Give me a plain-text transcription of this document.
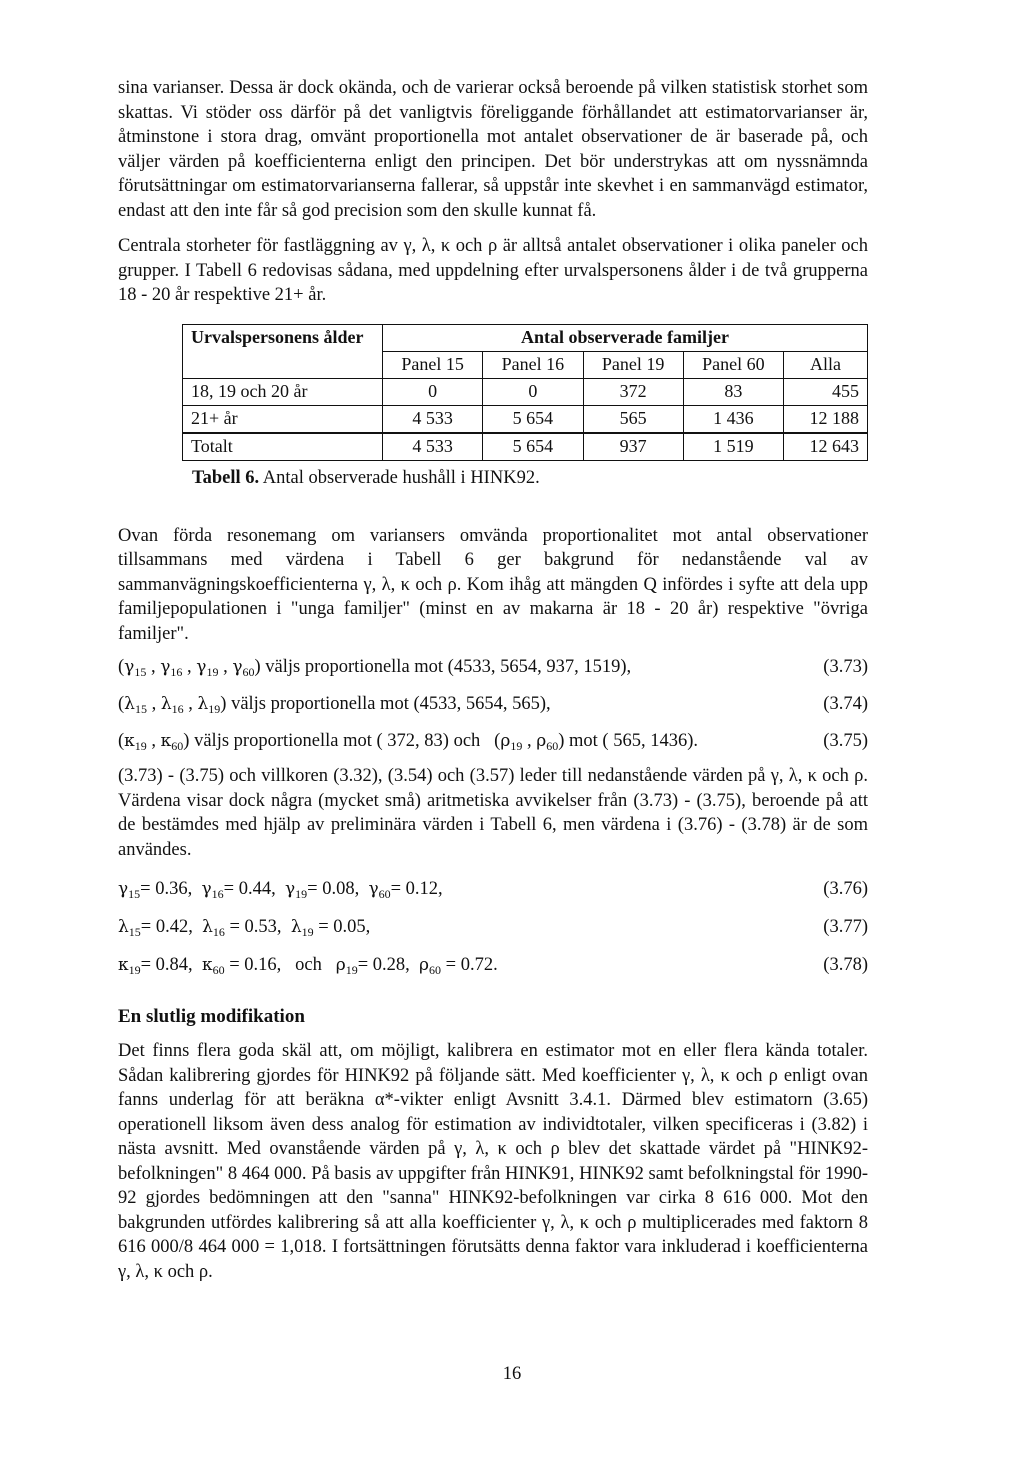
sina varianser. Dessa är dock okända, och de varierar också beroende på vilken statistisk storhet som skattas. Vi stöder oss därför på det vanligtvis föreliggande förhållandet att estimatorvarianser är, åtminstone i stora drag, omvänt proportionella mot antalet observationer de är baserade på, och väljer värden på koefficienterna enligt den principen. Det bör understrykas att om nyssnämnda förutsättningar om estimatorvarianserna fallerar, så uppstår inte skevhet i en sammanvägd estimator, endast att den inte får så god precision som den skulle kunnat få.

Centrala storheter för fastläggning av γ, λ, κ och ρ är alltså antalet observationer i olika paneler och grupper. I Tabell 6 redovisas sådana, med uppdelning efter urvalspersonens ålder i de två grupperna 18 - 20 år respektive 21+ år.

Urvalspersonens ålder	Antal observerade familjer				
	Panel 15	Panel 16	Panel 19	Panel 60	Alla
18, 19 och 20 år	0	0	372	83	455
21+ år	4 533	5 654	565	1 436	12 188
Totalt	4 533	5 654	937	1 519	12 643
Tabell 6. Antal observerade hushåll i HINK92.

Ovan förda resonemang om variansers omvända proportionalitet mot antal observationer tillsammans med värdena i Tabell 6 ger bakgrund för nedanstående val av sammanvägningskoefficienterna γ, λ, κ och ρ. Kom ihåg att mängden Q infördes i syfte att dela upp familjepopulationen i "unga familjer" (minst en av makarna är 18 - 20 år) respektive "övriga familjer".

($\gamma_{15}$ , $\gamma_{16}$ , $\gamma_{19}$ , $\gamma_{60}$) väljs proportionella mot (4533, 5654, 937, 1519),	(3.73)
($\lambda_{15}$ , $\lambda_{16}$ , $\lambda_{19}$) väljs proportionella mot (4533, 5654, 565),	(3.74)
($\kappa_{19}$ , $\kappa_{60}$) väljs proportionella mot ( 372, 83) och   ($\rho_{19}$ , $\rho_{60}$) mot ( 565, 1436).	(3.75)

(3.73) - (3.75) och villkoren (3.32), (3.54) och (3.57) leder till nedanstående värden på γ, λ, κ och ρ. Värdena visar dock några (mycket små) aritmetiska avvikelser från (3.73) - (3.75), beroende på att de bestämdes med hjälp av preliminära värden i Tabell 6, men värdena i (3.76) - (3.78) är de som användes.

$\gamma_{15}= 0.36$,  $\gamma_{16}= 0.44$,  $\gamma_{19}= 0.08$,  $\gamma_{60}= 0.12$,	(3.76)
$\lambda_{15}= 0.42$,  $\lambda_{16} = 0.53$,  $\lambda_{19} = 0.05$,	(3.77)
$\kappa_{19}= 0.84$,  $\kappa_{60} = 0.16$,   och   $\rho_{19}= 0.28$,  $\rho_{60} = 0.72$.	(3.78)
En slutlig modifikation

Det finns flera goda skäl att, om möjligt, kalibrera en estimator mot en eller flera kända totaler. Sådan kalibrering gjordes för HINK92 på följande sätt. Med koefficienter γ, λ, κ och ρ enligt ovan fanns underlag för att beräkna α*-vikter enligt Avsnitt 3.4.1. Därmed blev estimatorn (3.65) operationell liksom även dess analog för estimation av individtotaler, vilken specificeras i (3.82) i nästa avsnitt. Med ovanstående värden på γ, λ, κ och ρ blev det skattade värdet på "HINK92-befolkningen" 8 464 000. På basis av uppgifter från HINK91, HINK92 samt befolkningstal för 1990-92 gjordes bedömningen att den "sanna" HINK92-befolkningen var cirka 8 616 000. Mot den bakgrunden utfördes kalibrering så att alla koefficienter γ, λ, κ och ρ multiplicerades med faktorn 8 616 000/8 464 000 = 1,018. I fortsättningen förutsätts denna faktor vara inkluderad i koefficienterna γ, λ, κ och ρ.

16
